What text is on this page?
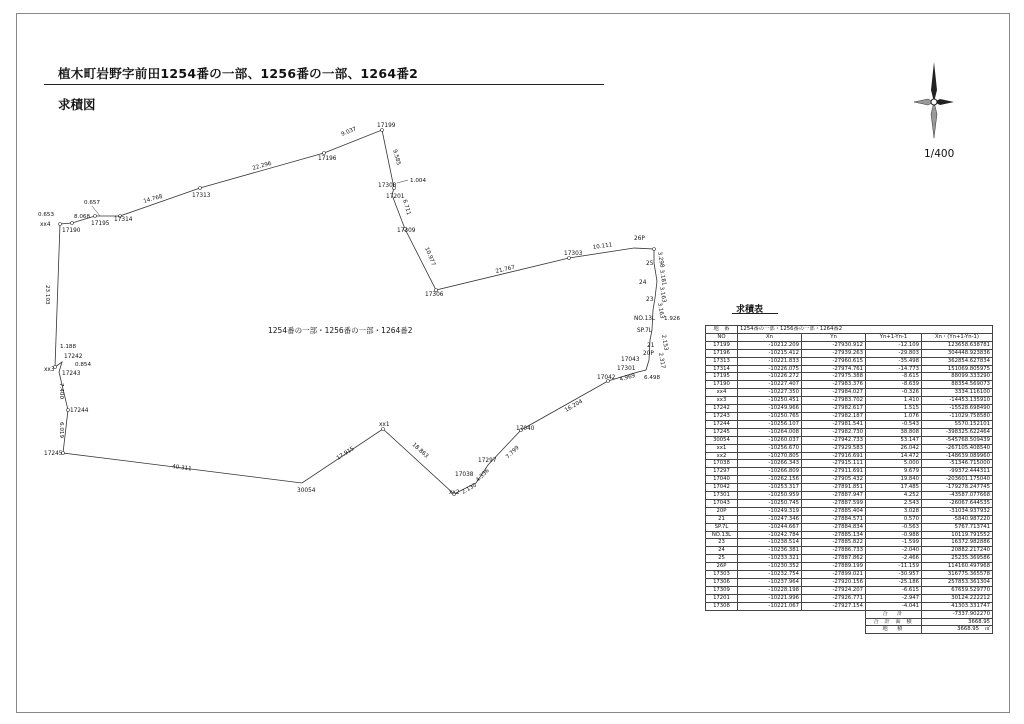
植木町岩野字前田1254番の一部、1256番の一部、1264番2
求積図
1/400
17199
17196
17313
17314
17195
17190
xx4
xx3
17242
17243
17244
17245
30054
xx1
17038
xx2
17297
17040
17042
17301
17043
20P
21
SP.7L
NO.13L
23
24
25
26P
17303
17306
17309
17201
17308
9.037
22.296
14.768
8.068
0.657
0.653
23.103
1.188
0.854
7.400
6.019
40.311
17.915	18.863
2.130
4.336
7.799
16.204
4.969 6.498
2.317
2.153
1.926
3.163
3.163
3.181
3.298
10.111
21.767
10.977
6.711
9.585
1.004
1254番の一部・1256番の一部・1264番2
求積表
地　番	1254番の一部・1256番の一部・1264番2			
NO	Xn	Yn	Yn+1-Yn-1	Xn・(Yn+1-Yn-1)
17199	-10212.209	-27930.912	-12.109	123658.638781
17196	-10215.412	-27939.263	-29.803	304448.923836
17313	-10221.833	-27960.615	-35.498	362854.627834
17314	-10226.075	-27974.761	-14.773	151069.805975
17195	-10226.272	-27975.388	-8.615	88099.333290
17190	-10227.407	-27983.376	-8.639	88354.569073
xx4	-10227.350	-27984.027	-0.326	3334.116100
xx3	-10250.451	-27983.702	1.410	-14453.135910
17242	-10249.966	-27982.617	1.515	-15528.698490
17243	-10250.765	-27982.187	1.076	-11029.758580
17244	-10256.107	-27981.541	-0.543	5570.152101
17245	-10264.008	-27982.730	38.808	-398325.622464
30054	-10260.037	-27942.733	53.147	-545768.509439
xx1	-10256.670	-27929.583	26.042	-267105.408540
xx2	-10270.805	-27916.691	14.472	-148639.089960
17038	-10266.343	-27915.111	5.000	-51346.715000
17297	-10266.809	-27911.691	9.679	-99372.444311
17040	-10262.156	-27905.432	19.840	-203601.175040
17042	-10253.317	-27891.851	17.485	-179278.247745
17301	-10250.959	-27887.947	4.252	-43587.077668
17043	-10250.745	-27887.599	2.543	-26067.644535
20P	-10249.319	-27885.404	3.028	-31034.937932
21	-10247.346	-27884.571	0.570	-5840.987220
SP.7L	-10244.667	-27884.834	-0.563	5767.713741
NO.13L	-10242.784	-27885.134	-0.988	10119.791552
23	-10238.514	-27885.822	-1.599	16372.982886
24	-10236.381	-27886.733	-2.040	20882.217240
25	-10233.321	-27887.862	-2.466	25235.369586
26P	-10230.352	-27889.199	-11.159	114160.497968
17303	-10232.754	-27899.021	-30.957	316775.365578
17306	-10237.964	-27920.156	-25.186	257853.361304
17309	-10228.198	-27924.207	-6.615	67659.529770
17201	-10221.996	-27926.771	-2.947	30124.222212
17308	-10221.067	-27927.154	-4.041	41303.331747
			合　計	-7337.902270
			合 計 面 積	3668.95
			地　積	3668.95 ㎡
